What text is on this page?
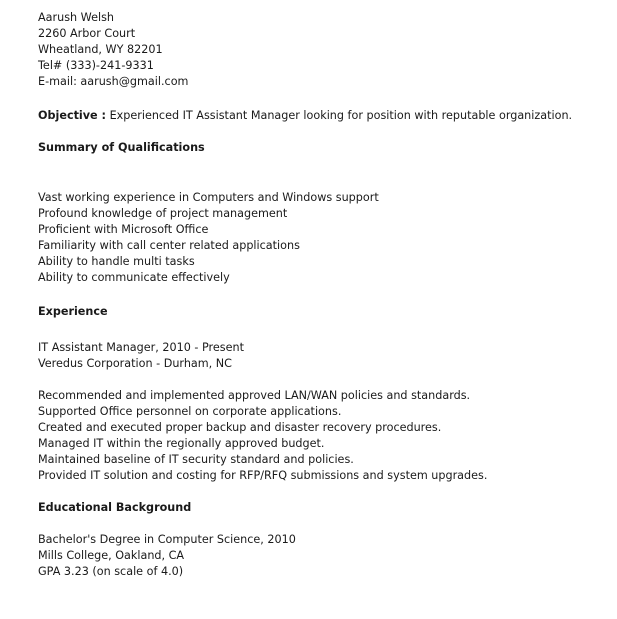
Aarush Welsh
2260 Arbor Court
Wheatland, WY 82201
Tel# (333)-241-9331
E-mail: aarush@gmail.com
Objective : Experienced IT Assistant Manager looking for position with reputable organization.
Summary of Qualifications
Vast working experience in Computers and Windows support
Profound knowledge of project management
Proficient with Microsoft Office
Familiarity with call center related applications
Ability to handle multi tasks
Ability to communicate effectively
Experience
IT Assistant Manager, 2010 - Present
Veredus Corporation - Durham, NC
Recommended and implemented approved LAN/WAN policies and standards.
Supported Office personnel on corporate applications.
Created and executed proper backup and disaster recovery procedures.
Managed IT within the regionally approved budget.
Maintained baseline of IT security standard and policies.
Provided IT solution and costing for RFP/RFQ submissions and system upgrades.
Educational Background
Bachelor's Degree in Computer Science, 2010
Mills College, Oakland, CA
GPA 3.23 (on scale of 4.0)
